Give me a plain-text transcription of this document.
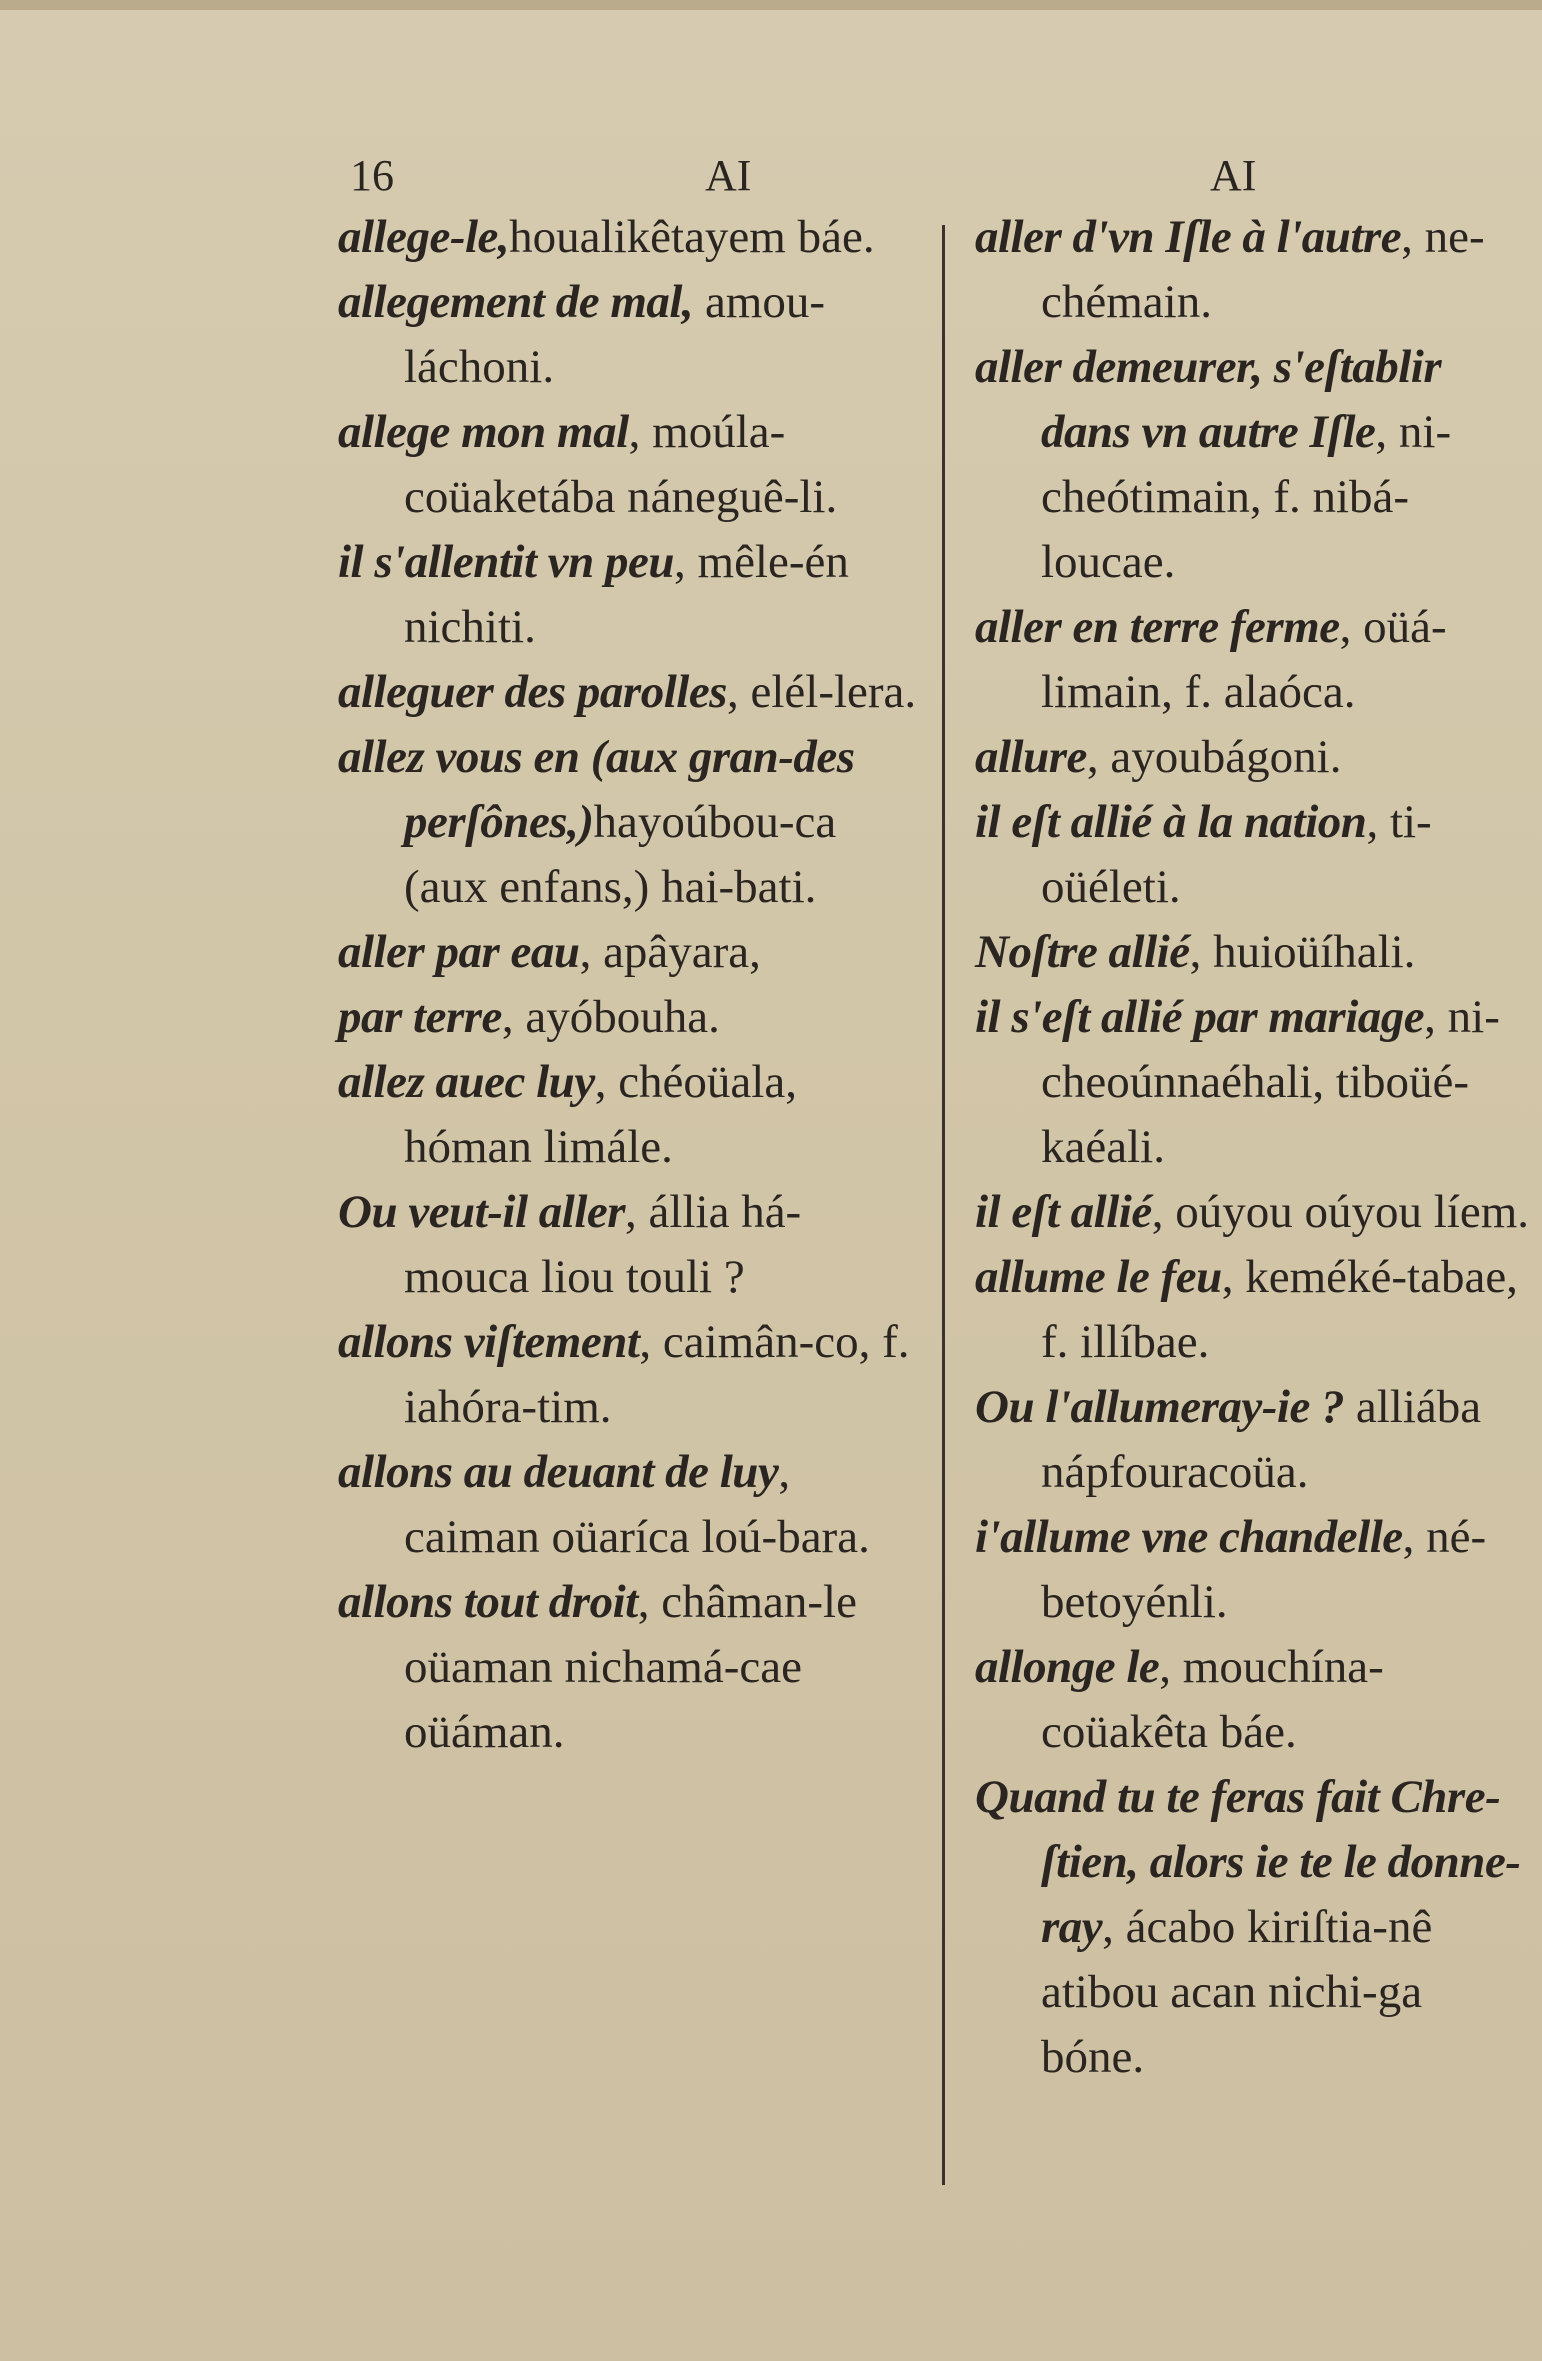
16	AI	AI

allege-le,houalikêtayem báe.

allegement de mal, amou-láchoni.

allege mon mal, moúla-coüaketába náneguê-li.

il s'allentit vn peu, mêle-én nichiti.

alleguer des parolles, elél-lera.

allez vous en (aux gran-des perſônes,)hayoúbou-ca (aux enfans,) hai-bati.

aller par eau, apâyara,

par terre, ayóbouha.

allez auec luy, chéoüala, hóman limále.

Ou veut-il aller, állia há-mouca liou touli ?

allons viſtement, caimân-co, f. iahóra-tim.

allons au deuant de luy, caiman oüaríca loú-bara.

allons tout droit, châman-le oüaman nichamá-cae oüáman.

aller d'vn Iſle à l'autre, ne-chémain.

aller demeurer, s'eſtablir dans vn autre Iſle, ni-cheótimain, f. nibá-loucae.

aller en terre ferme, oüá-limain, f. alaóca.

allure, ayoubágoni.

il eſt allié à la nation, ti-oüéleti.

Noſtre allié, huioüíhali.

il s'eſt allié par mariage, ni-cheoúnnaéhali, tiboüé-kaéali.

il eſt allié, oúyou oúyou líem.

allume le feu, keméké-tabae, f. illíbae.

Ou l'allumeray-ie ? alliába nápfouracoüa.

i'allume vne chandelle, né-betoyénli.

allonge le, mouchína-coüakêta báe.

Quand tu te feras fait Chre-ſtien, alors ie te le donne-ray, ácabo kiriſtia-nê atibou acan nichi-ga bóne.
